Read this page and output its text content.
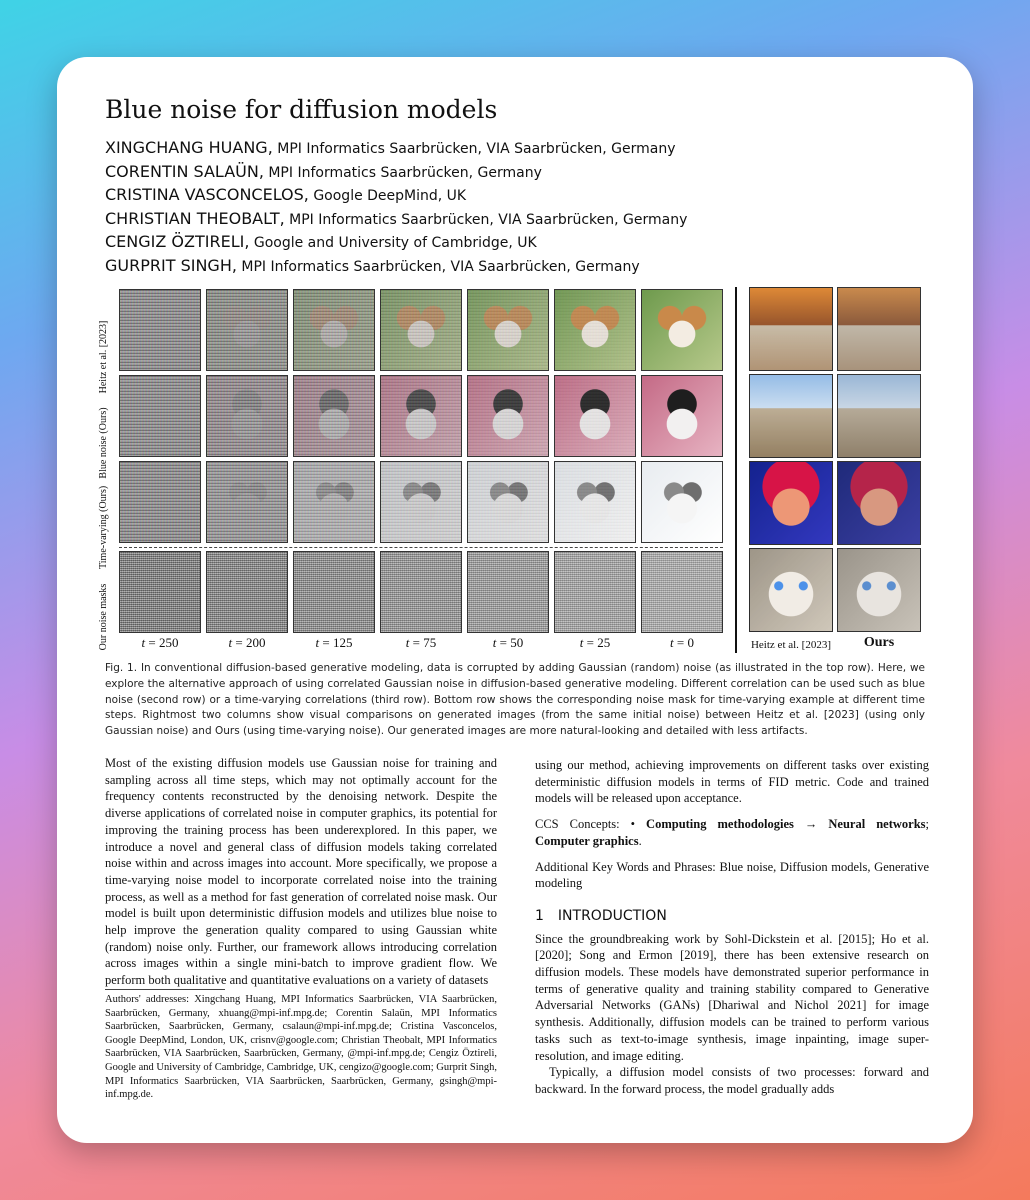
Blue noise for diffusion models
XINGCHANG HUANG, MPI Informatics Saarbrücken, VIA Saarbrücken, Germany
CORENTIN SALAÜN, MPI Informatics Saarbrücken, Germany
CRISTINA VASCONCELOS, Google DeepMind, UK
CHRISTIAN THEOBALT, MPI Informatics Saarbrücken, VIA Saarbrücken, Germany
CENGIZ ÖZTIRELI, Google and University of Cambridge, UK
GURPRIT SINGH, MPI Informatics Saarbrücken, VIA Saarbrücken, Germany
Heitz et al. [2023]
Blue noise (Ours)
Time-varying (Ours)
Our noise masks	t = 250	t = 200	t = 125	t = 75	t = 50	t = 25	t = 0	Heitz et al. [2023]	Ours

Fig. 1. In conventional diffusion-based generative modeling, data is corrupted by adding Gaussian (random) noise (as illustrated in the top row). Here, we explore the alternative approach of using correlated Gaussian noise in diffusion-based generative modeling. Different correlation can be used such as blue noise (second row) or a time-varying correlations (third row). Bottom row shows the corresponding noise mask for time-varying example at different time steps. Rightmost two columns show visual comparisons on generated images (from the same initial noise) between Heitz et al. [2023] (using only Gaussian noise) and Ours (using time-varying noise). Our generated images are more natural-looking and detailed with less artifacts.

Most of the existing diffusion models use Gaussian noise for training and sampling across all time steps, which may not optimally account for the frequency contents reconstructed by the denoising network. Despite the diverse applications of correlated noise in computer graphics, its potential for improving the training process has been underexplored. In this paper, we introduce a novel and general class of diffusion models taking correlated noise within and across images into account. More specifically, we propose a time-varying noise model to incorporate correlated noise into the training process, as well as a method for fast generation of correlated noise mask. Our model is built upon deterministic diffusion models and utilizes blue noise to help improve the generation quality compared to using Gaussian white (random) noise only. Further, our framework allows introducing correlation across images within a single mini-batch to improve gradient flow. We perform both qualitative and quantitative evaluations on a variety of datasets

Authors' addresses: Xingchang Huang, MPI Informatics Saarbrücken, VIA Saarbrücken, Saarbrücken, Germany, xhuang@mpi-inf.mpg.de; Corentin Salaün, MPI Informatics Saarbrücken, Saarbrücken, Germany, csalaun@mpi-inf.mpg.de; Cristina Vasconcelos, Google DeepMind, London, UK, crisnv@google.com; Christian Theobalt, MPI Informatics Saarbrücken, VIA Saarbrücken, Saarbrücken, Germany, @mpi-inf.mpg.de; Cengiz Öztireli, Google and University of Cambridge, Cambridge, UK, cengizo@google.com; Gurprit Singh, MPI Informatics Saarbrücken, VIA Saarbrücken, Saarbrücken, Germany, gsingh@mpi-inf.mpg.de.

using our method, achieving improvements on different tasks over existing deterministic diffusion models in terms of FID metric. Code and trained models will be released upon acceptance.

CCS Concepts: • Computing methodologies → Neural networks; Computer graphics.

Additional Key Words and Phrases: Blue noise, Diffusion models, Generative modeling

1 INTRODUCTION

Since the groundbreaking work by Sohl-Dickstein et al. [2015]; Ho et al. [2020]; Song and Ermon [2019], there has been extensive research on diffusion models. These models have demonstrated superior performance in terms of generative quality and training stability compared to Generative Adversarial Networks (GANs) [Dhariwal and Nichol 2021] for image synthesis. Additionally, diffusion models can be trained to perform various tasks such as text-to-image synthesis, image inpainting, image super-resolution, and image editing.

Typically, a diffusion model consists of two processes: forward and backward. In the forward process, the model gradually adds
